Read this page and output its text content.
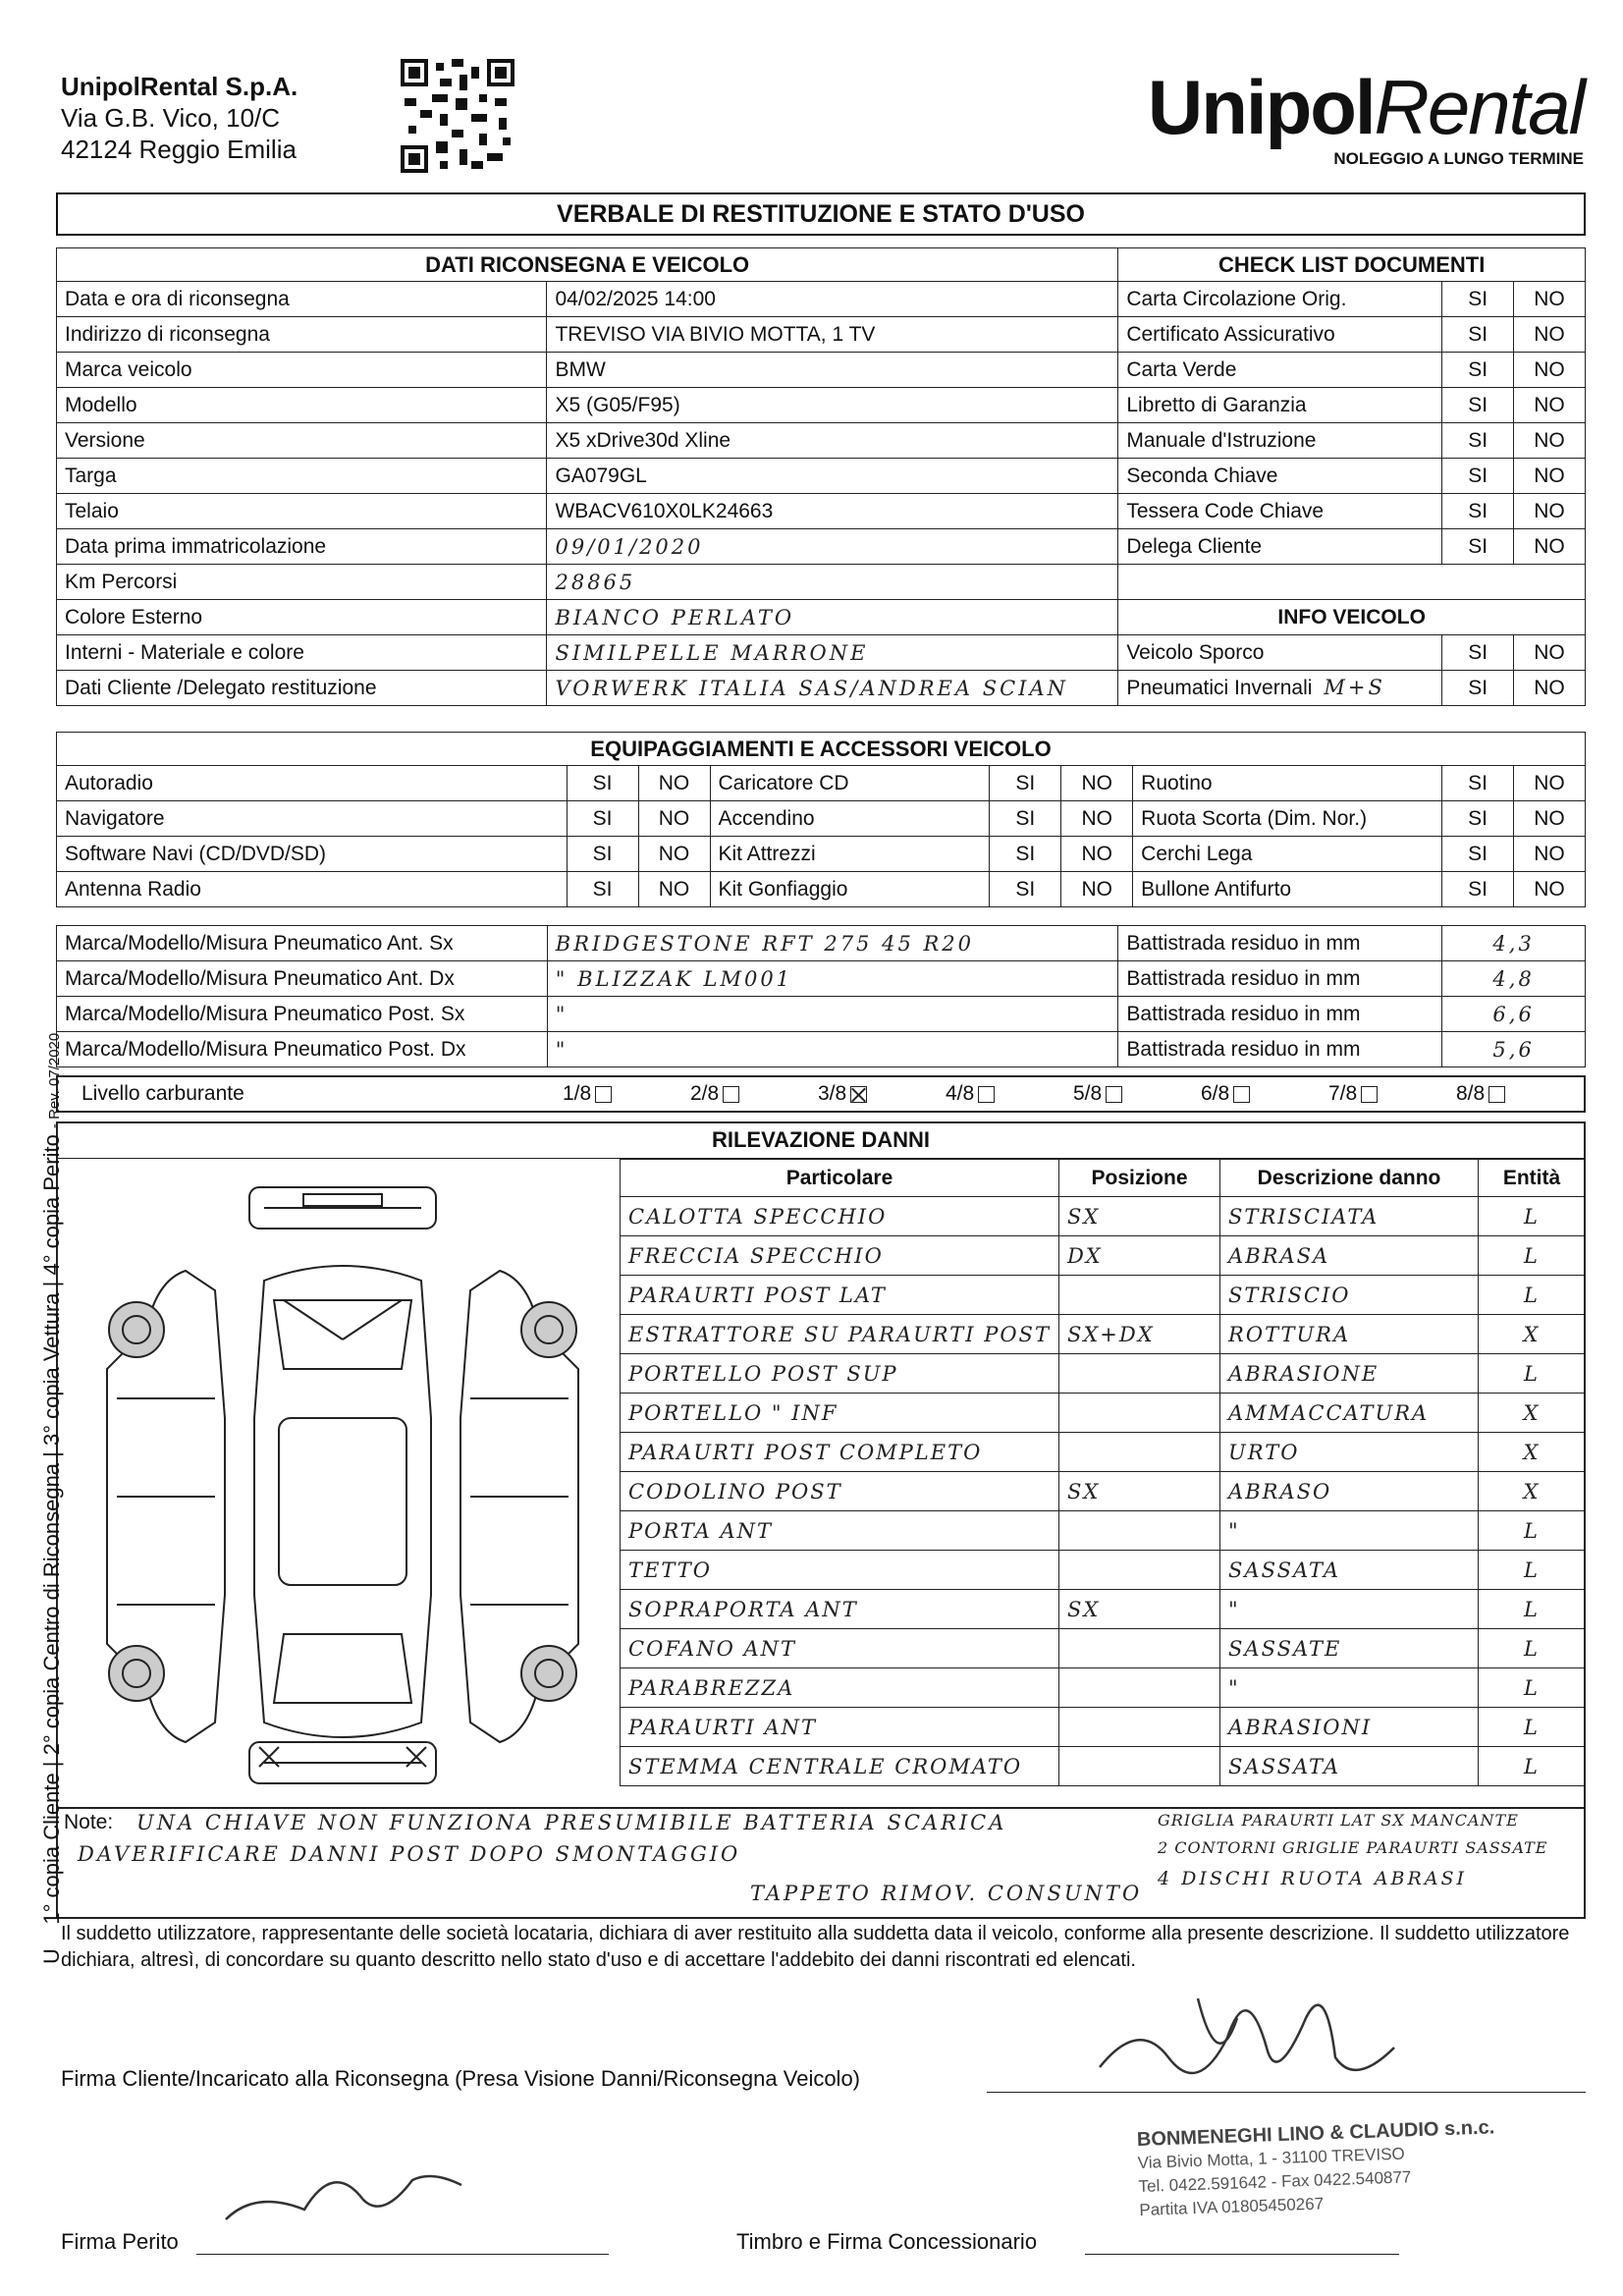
UnipolRental S.p.A.
Via G.B. Vico, 10/C
42124 Reggio Emilia	UnipolRental
NOLEGGIO A LUNGO TERMINE
VERBALE DI RESTITUZIONE E STATO D'USO
DATI RICONSEGNA E VEICOLO		CHECK LIST DOCUMENTI		
Data e ora di riconsegna	04/02/2025 14:00	Carta Circolazione Orig.	SI	NO
Indirizzo di riconsegna	TREVISO VIA BIVIO MOTTA, 1 TV	Certificato Assicurativo	SI	NO
Marca veicolo	BMW	Carta Verde	SI	NO
Modello	X5 (G05/F95)	Libretto di Garanzia	SI	NO
Versione	X5 xDrive30d Xline	Manuale d'Istruzione	SI	NO
Targa	GA079GL	Seconda Chiave	SI	NO
Telaio	WBACV610X0LK24663	Tessera Code Chiave	SI	NO
Data prima immatricolazione	09/01/2020	Delega Cliente	SI	NO
Km Percorsi	28865			
Colore Esterno	BIANCO PERLATO	INFO VEICOLO		
Interni - Materiale e colore	SIMILPELLE MARRONE	Veicolo Sporco	SI	NO
Dati Cliente /Delegato restituzione	VORWERK ITALIA SAS/ANDREA SCIAN	Pneumatici Invernali M+S	SI	NO
EQUIPAGGIAMENTI E ACCESSORI VEICOLO								
Autoradio	SI	NO	Caricatore CD	SI	NO	Ruotino	SI	NO
Navigatore	SI	NO	Accendino	SI	NO	Ruota Scorta (Dim. Nor.)	SI	NO
Software Navi (CD/DVD/SD)	SI	NO	Kit Attrezzi	SI	NO	Cerchi Lega	SI	NO
Antenna Radio	SI	NO	Kit Gonfiaggio	SI	NO	Bullone Antifurto	SI	NO
Marca/Modello/Misura Pneumatico Ant. Sx	BRIDGESTONE RFT 275 45 R20	Battistrada residuo in mm	4,3
Marca/Modello/Misura Pneumatico Ant. Dx	" BLIZZAK LM001	Battistrada residuo in mm	4,8
Marca/Modello/Misura Pneumatico Post. Sx	"	Battistrada residuo in mm	6,6
Marca/Modello/Misura Pneumatico Post. Dx	"	Battistrada residuo in mm	5,6
Livello carburante	1/8	2/8	3/8	4/8	5/8	6/8	7/8	8/8
RILEVAZIONE DANNI
Particolare	Posizione	Descrizione danno	Entità
CALOTTA SPECCHIO	SX	STRISCIATA	L
FRECCIA SPECCHIO	DX	ABRASA	L
PARAURTI POST LAT		STRISCIO	L
ESTRATTORE SU PARAURTI POST	SX+DX	ROTTURA	X
PORTELLO POST SUP		ABRASIONE	L
PORTELLO " INF		AMMACCATURA	X
PARAURTI POST COMPLETO		URTO	X
CODOLINO POST	SX	ABRASO	X
PORTA ANT		"	L
TETTO		SASSATA	L
SOPRAPORTA ANT	SX	"	L
COFANO ANT		SASSATE	L
PARABREZZA		"	L
PARAURTI ANT		ABRASIONI	L
STEMMA CENTRALE CROMATO		SASSATA	L
Note: UNA CHIAVE NON FUNZIONA PRESUMIBILE BATTERIA SCARICA
DAVERIFICARE DANNI POST DOPO SMONTAGGIO
TAPPETO RIMOV. CONSUNTO
GRIGLIA PARAURTI LAT SX MANCANTE
2 CONTORNI GRIGLIE PARAURTI SASSATE
4 DISCHI RUOTA ABRASI
Il suddetto utilizzatore, rappresentante delle società locataria, dichiara di aver restituito alla suddetta data il veicolo, conforme alla presente descrizione. Il suddetto utilizzatore dichiara, altresì, di concordare su quanto descritto nello stato d'uso e di accettare l'addebito dei danni riscontrati ed elencati.
U    1° copia Cliente | 2° copia Centro di Riconsegna | 3° copia Vettura | 4° copia Perito - Rev. 07/2020
Firma Cliente/Incaricato alla Riconsegna (Presa Visione Danni/Riconsegna Veicolo)
Firma Perito	Timbro e Firma Concessionario
BONMENEGHI LINO & CLAUDIO s.n.c.
Via Bivio Motta, 1 - 31100 TREVISO
Tel. 0422.591642 - Fax 0422.540877
Partita IVA 01805450267
